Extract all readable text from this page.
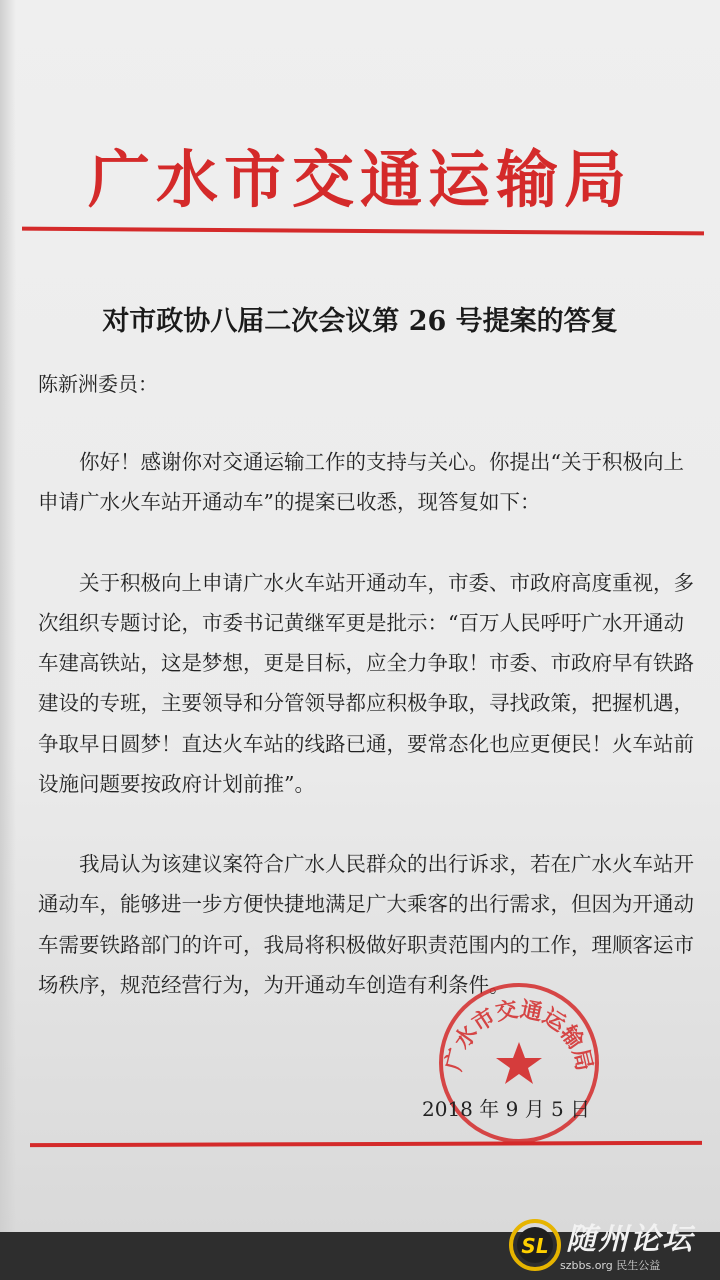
广水市交通运输局
对市政协八届二次会议第 26 号提案的答复
陈新洲委员：

　　你好！感谢你对交通运输工作的支持与关心。你提出“关于积极向上申请广水火车站开通动车”的提案已收悉，现答复如下：

　　关于积极向上申请广水火车站开通动车，市委、市政府高度重视，多次组织专题讨论，市委书记黄继军更是批示：“百万人民呼吁广水开通动车建高铁站，这是梦想，更是目标，应全力争取！市委、市政府早有铁路建设的专班，主要领导和分管领导都应积极争取，寻找政策，把握机遇，争取早日圆梦！直达火车站的线路已通，要常态化也应更便民！火车站前设施问题要按政府计划前推”。

　　我局认为该建议案符合广水人民群众的出行诉求，若在广水火车站开通动车，能够进一步方便快捷地满足广大乘客的出行需求，但因为开通动车需要铁路部门的许可，我局将积极做好职责范围内的工作，理顺客运市场秩序，规范经营行为，为开通动车创造有利条件。

广水市交通运输局
2018 年 9 月 5 日
SL 随州论坛
szbbs.org 民生公益
